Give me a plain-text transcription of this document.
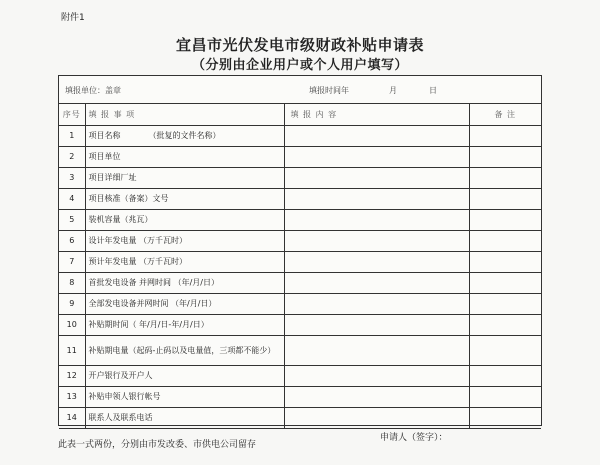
附件1
宜昌市光伏发电市级财政补贴申请表
（分别由企业用户或个人用户填写）
填报单位：盖章	填报时间年	月	日
序号	填 报 事 项	填 报 内 容	备 注
1	项目名称 （批复的文件名称）		
2	项目单位		
3	项目详细厂址		
4	项目核准（备案）文号		
5	装机容量（兆瓦）		
6	设计年发电量 （万千瓦时）		
7	预计年发电量 （万千瓦时）		
8	首批发电设备 并网时间 （年/月/日）		
9	全部发电设备并网时间 （年/月/日）		
10	补贴期时间（ 年/月/日-年/月/日）		
11	补贴期电量（起码-止码以及电量值，三项都不能少）		
12	开户银行及开户人		
13	补贴申领人银行帐号		
14	联系人及联系电话		
此表一式两份，分别由市发改委、市供电公司留存
申请人（签字）：
